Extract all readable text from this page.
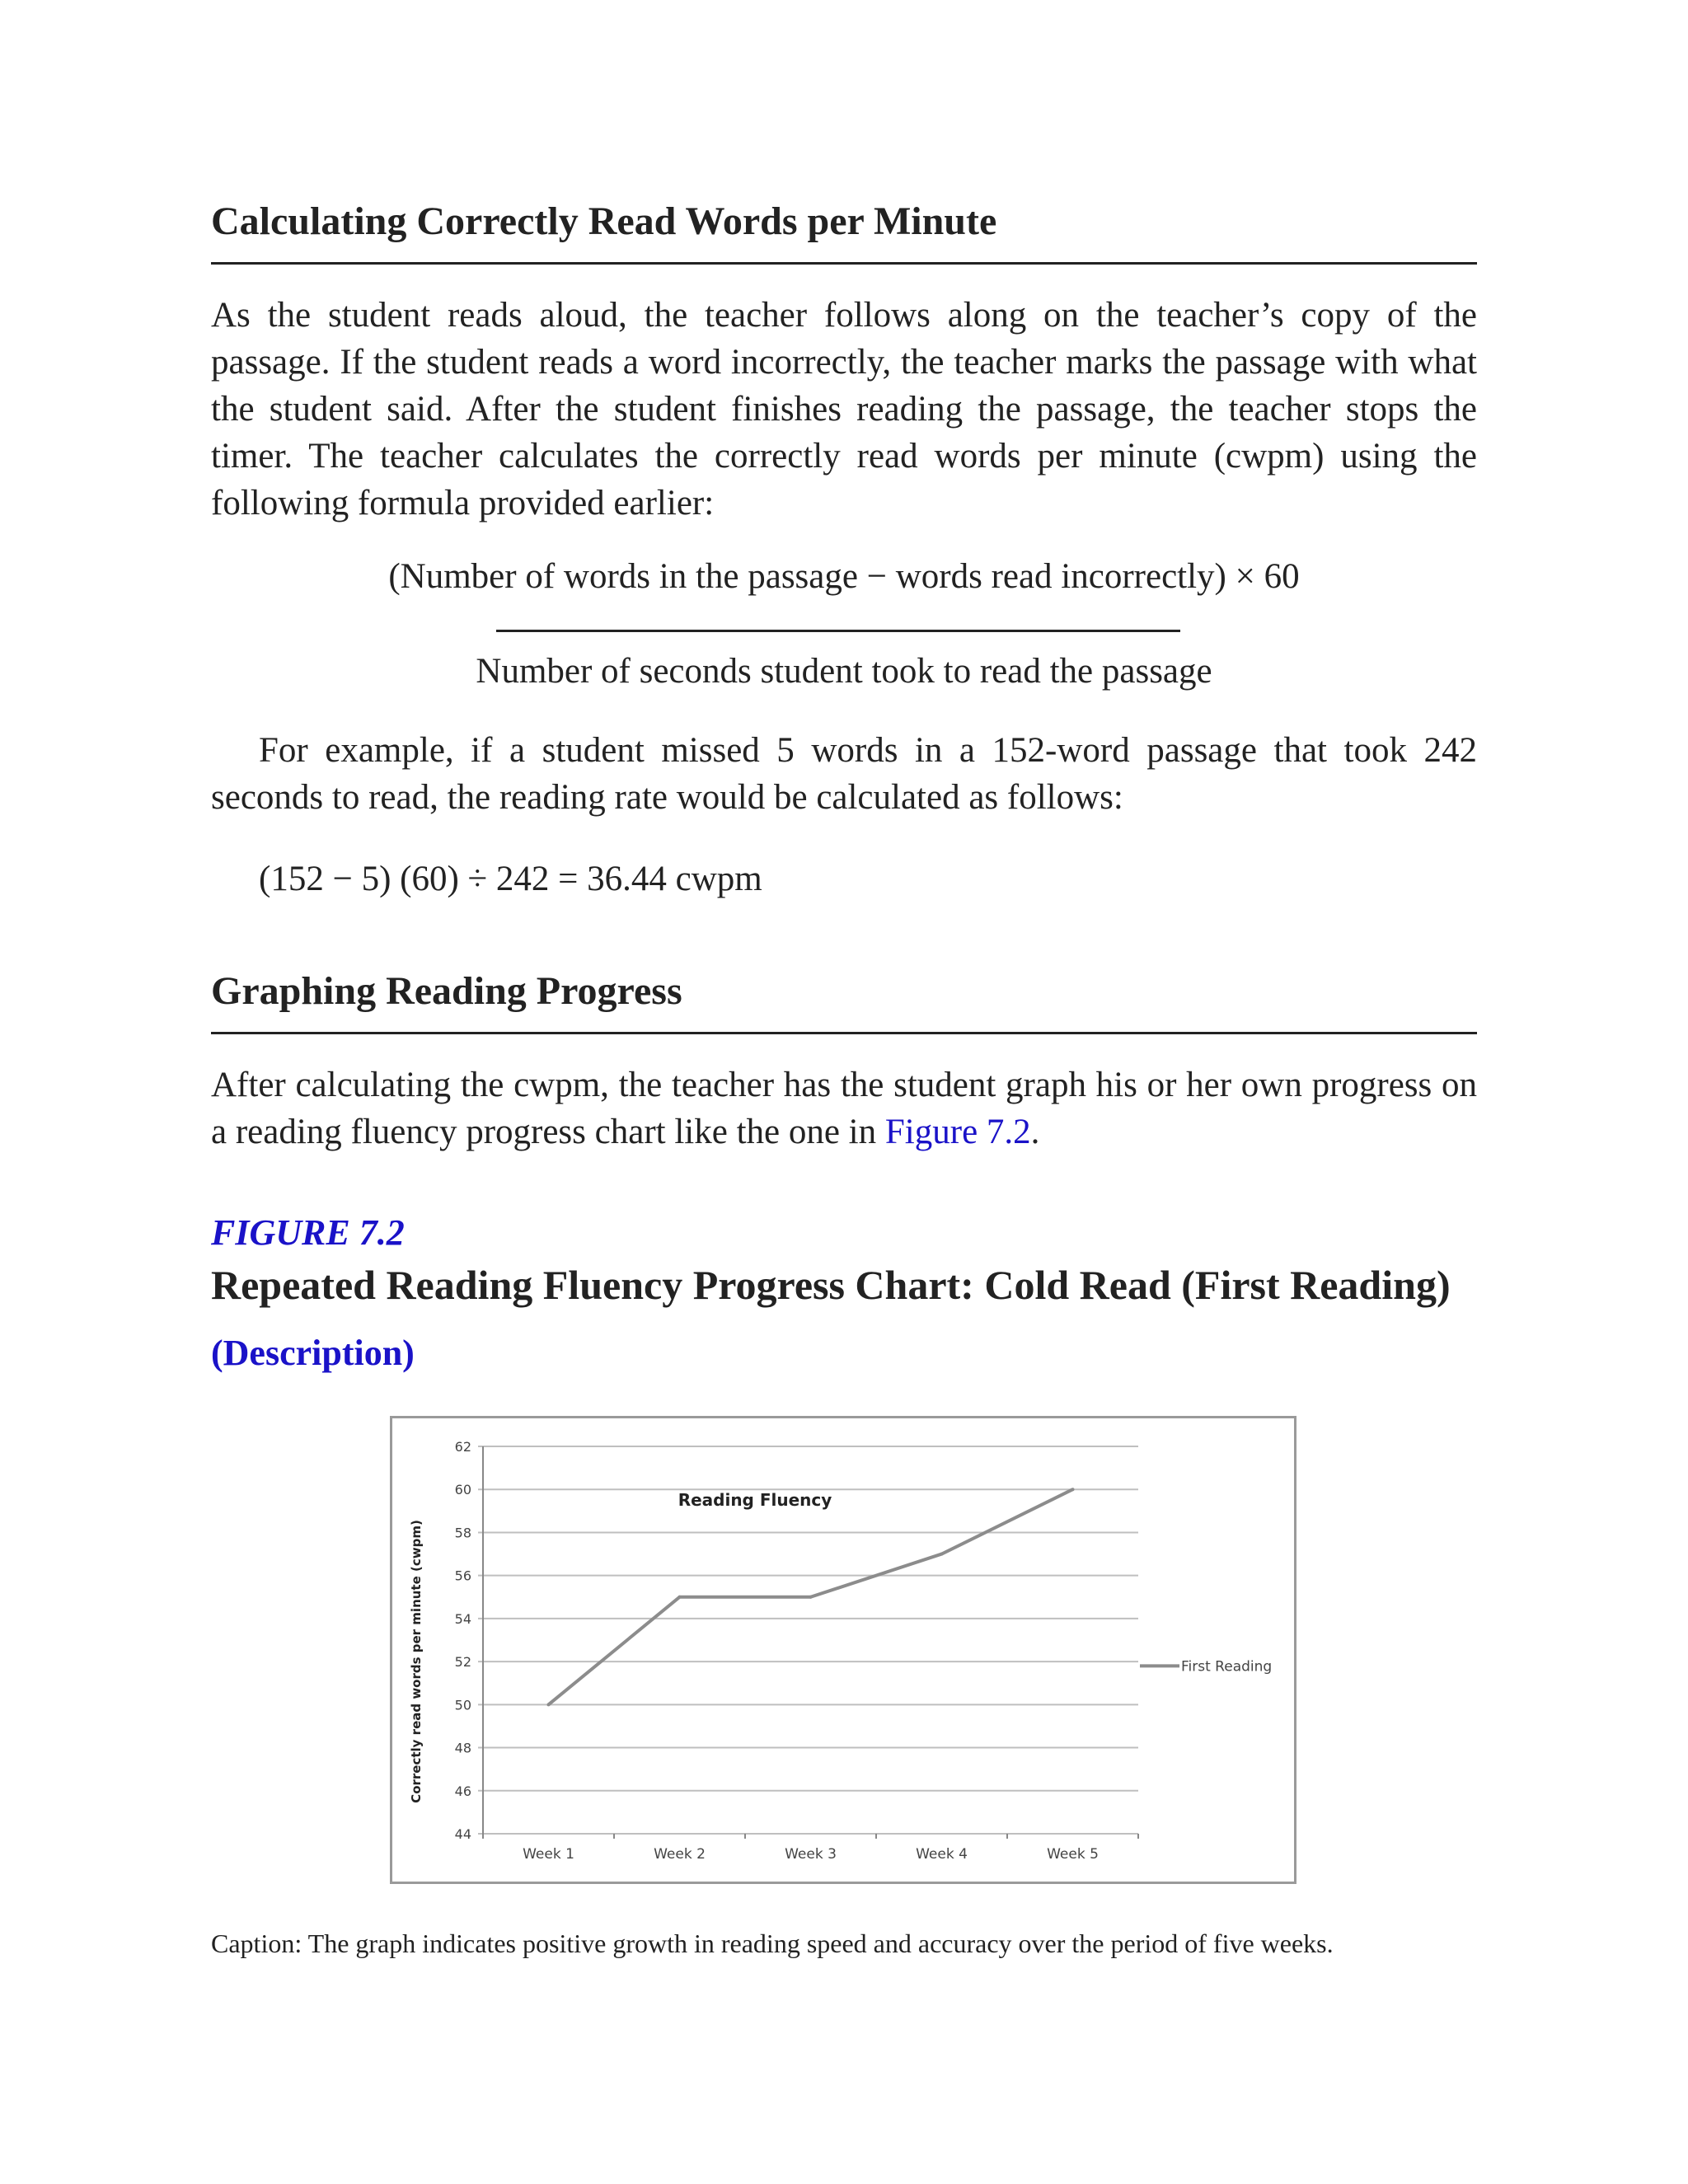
Calculating Correctly Read Words per Minute

As the student reads aloud, the teacher follows along on the teacher’s copy of the passage. If the student reads a word incorrectly, the teacher marks the passage with what the student said. After the student finishes reading the passage, the teacher stops the timer. The teacher calculates the correctly read words per minute (cwpm) using the following formula provided earlier:

(Number of words in the passage − words read incorrectly) × 60
Number of seconds student took to read the passage

For example, if a student missed 5 words in a 152-word passage that took 242 seconds to read, the reading rate would be calculated as follows:

(152 − 5) (60) ÷ 242 = 36.44 cwpm
Graphing Reading Progress

After calculating the cwpm, the teacher has the student graph his or her own progress on a reading fluency progress chart like the one in Figure 7.2.

FIGURE 7.2
Repeated Reading Fluency Progress Chart: Cold Read (First Reading)
(Description)
Caption: The graph indicates positive growth in reading speed and accuracy over the period of five weeks.
44
46
48
50
52
54
56
58
60
62
Week 1	Week 2	Week 3	Week 4	Week 5
Reading Fluency
Correctly read words per minute (cwpm)	First Reading
